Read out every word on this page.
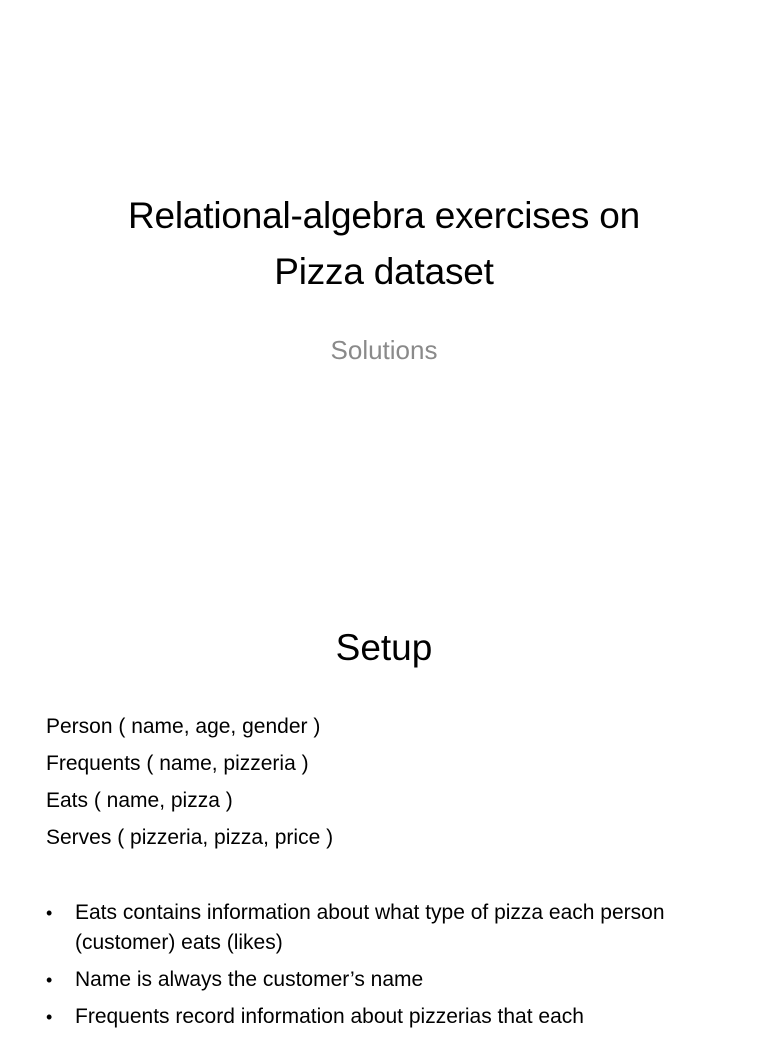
Relational-algebra exercises on
Pizza dataset
Solutions
Setup
Person ( name, age, gender )
Frequents ( name, pizzeria )
Eats ( name, pizza )
Serves ( pizzeria, pizza, price )
• Eats contains information about what type of pizza each person (customer) eats (likes)
• Name is always the customer’s name
• Frequents record information about pizzerias that each
